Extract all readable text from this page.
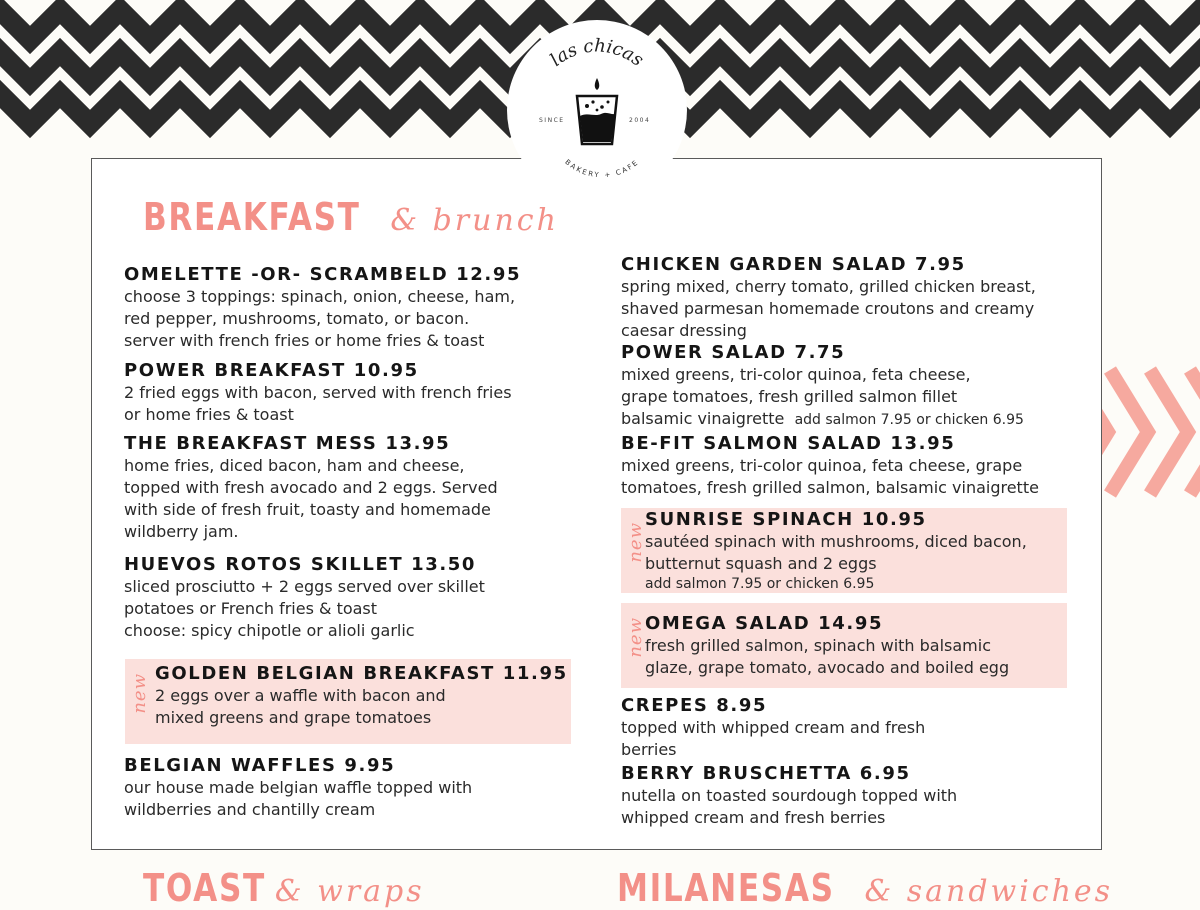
las chicas
BAKERY + CAFE
SINCE	2004
BREAKFAST & brunch
OMELETTE -OR- SCRAMBELD 12.95

choose 3 toppings: spinach, onion, cheese, ham,

red pepper, mushrooms, tomato, or bacon.

server with french fries or home fries & toast

POWER BREAKFAST 10.95

2 fried eggs with bacon, served with french fries

or home fries & toast

THE BREAKFAST MESS 13.95

home fries, diced bacon, ham and cheese,

topped with fresh avocado and 2 eggs. Served

with side of fresh fruit, toasty and homemade

wildberry jam.

HUEVOS ROTOS SKILLET 13.50

sliced prosciutto + 2 eggs served over skillet

potatoes or French fries & toast

choose: spicy chipotle or alioli garlic

new GOLDEN BELGIAN BREAKFAST 11.95

2 eggs over a waffle with bacon and

mixed greens and grape tomatoes

BELGIAN WAFFLES 9.95

our house made belgian waffle topped with

wildberries and chantilly cream

CHICKEN GARDEN SALAD 7.95

spring mixed, cherry tomato, grilled chicken breast,

shaved parmesan homemade croutons and creamy

caesar dressing

POWER SALAD 7.75

mixed greens, tri-color quinoa, feta cheese,

grape tomatoes, fresh grilled salmon fillet

balsamic vinaigrette add salmon 7.95 or chicken 6.95

BE-FIT SALMON SALAD 13.95

mixed greens, tri-color quinoa, feta cheese, grape

tomatoes, fresh grilled salmon, balsamic vinaigrette

new
SUNRISE SPINACH 10.95

sautéed spinach with mushrooms, diced bacon,

butternut squash and 2 eggs

add salmon 7.95 or chicken 6.95

new OMEGA SALAD 14.95

fresh grilled salmon, spinach with balsamic

glaze, grape tomato, avocado and boiled egg

CREPES 8.95

topped with whipped cream and fresh

berries

BERRY BRUSCHETTA 6.95

nutella on toasted sourdough topped with

whipped cream and fresh berries

TOAST & wraps	MILANESAS & sandwiches
